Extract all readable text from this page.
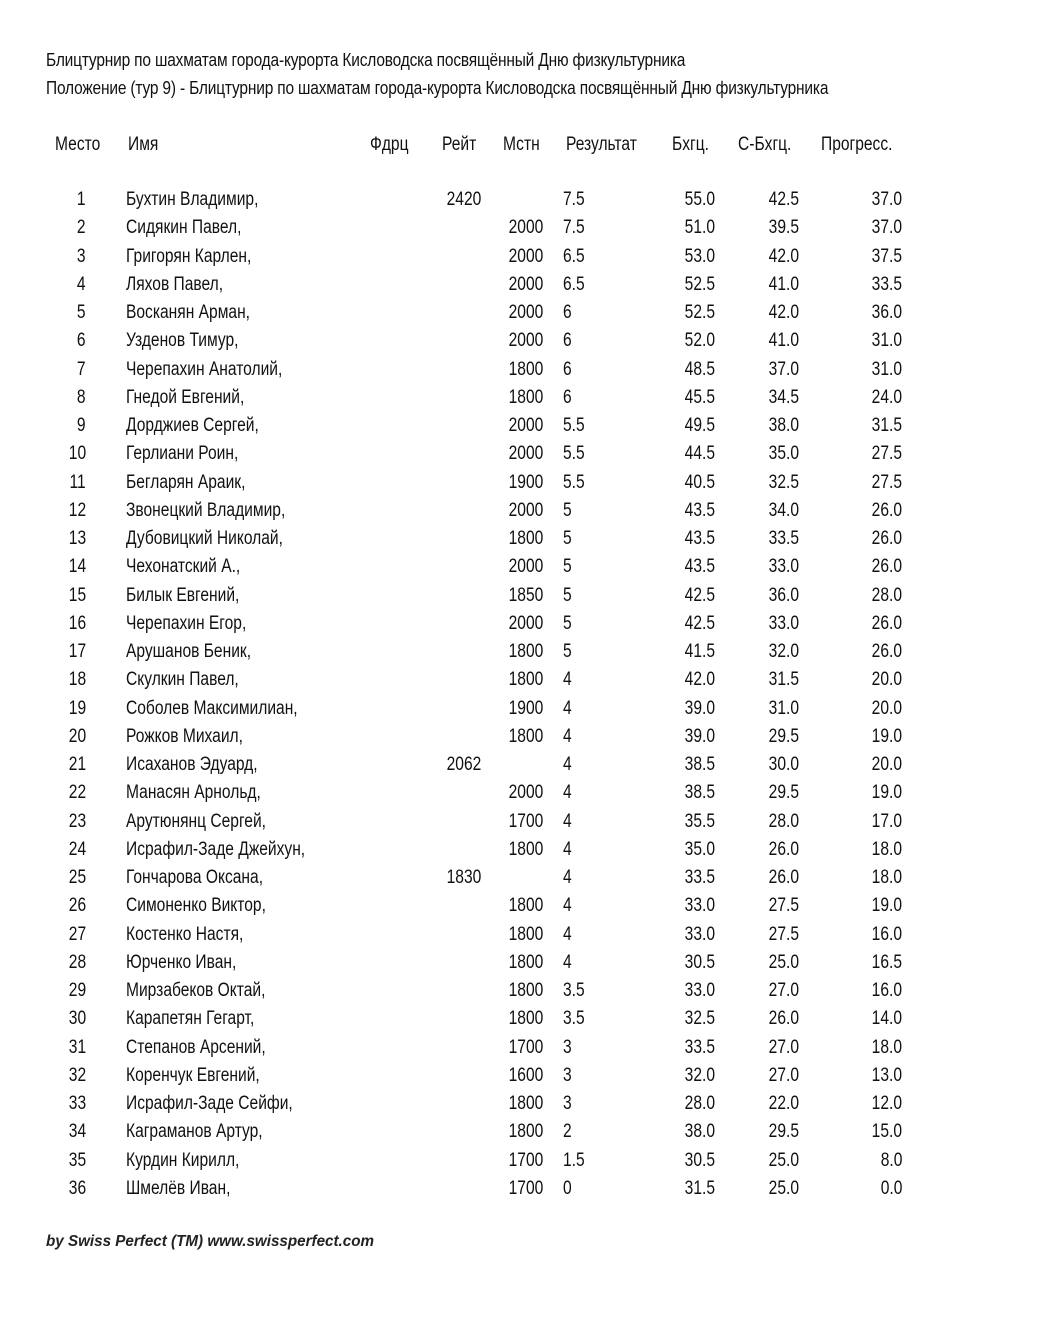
Блицтурнир по шахматам города-курорта Кисловодска посвящённый Дню физкультурника
Положение (тур 9) - Блицтурнир по шахматам города-курорта Кисловодска посвящённый Дню физкультурника
Место Имя	Фдрц Рейт Мстн Результат Бхгц. С-Бхгц. Прогресс.
1 Бухтин Владимир,	2420	7.5	55.0	42.5	37.0
2 Сидякин Павел,	2000 7.5	51.0	39.5	37.0
3 Григорян Карлен,	2000 6.5	53.0	42.0	37.5
4 Ляхов Павел,	2000 6.5	52.5	41.0	33.5
5 Восканян Арман,	2000 6	52.5	42.0	36.0
6 Узденов Тимур,	2000 6	52.0	41.0	31.0
7 Черепахин Анатолий,	1800 6	48.5	37.0	31.0
8 Гнедой Евгений,	1800 6	45.5	34.5	24.0
9 Дорджиев Сергей,	2000 5.5	49.5	38.0	31.5
10 Герлиани Роин,	2000 5.5	44.5	35.0	27.5
11 Бегларян Араик,	1900 5.5	40.5	32.5	27.5
12 Звонецкий Владимир,	2000 5	43.5	34.0	26.0
13 Дубовицкий Николай,	1800 5	43.5	33.5	26.0
14 Чехонатский А.,	2000 5	43.5	33.0	26.0
15 Билык Евгений,	1850 5	42.5	36.0	28.0
16 Черепахин Егор,	2000 5	42.5	33.0	26.0
17 Арушанов Беник,	1800 5	41.5	32.0	26.0
18 Скулкин Павел,	1800 4	42.0	31.5	20.0
19 Соболев Максимилиан,	1900 4	39.0	31.0	20.0
20 Рожков Михаил,	1800 4	39.0	29.5	19.0
21 Исаханов Эдуард,	2062	4	38.5	30.0	20.0
22 Манасян Арнольд,	2000 4	38.5	29.5	19.0
23 Арутюнянц Сергей,	1700 4	35.5	28.0	17.0
24 Исрафил-Заде Джейхун,	1800 4	35.0	26.0	18.0
25 Гончарова Оксана,	1830	4	33.5	26.0	18.0
26 Симоненко Виктор,	1800 4	33.0	27.5	19.0
27 Костенко Настя,	1800 4	33.0	27.5	16.0
28 Юрченко Иван,	1800 4	30.5	25.0	16.5
29 Мирзабеков Октай,	1800 3.5	33.0	27.0	16.0
30 Карапетян Гегарт,	1800 3.5	32.5	26.0	14.0
31 Степанов Арсений,	1700 3	33.5	27.0	18.0
32 Коренчук Евгений,	1600 3	32.0	27.0	13.0
33 Исрафил-Заде Сейфи,	1800 3	28.0	22.0	12.0
34 Каграманов Артур,	1800 2	38.0	29.5	15.0
35 Курдин Кирилл,	1700 1.5	30.5	25.0	8.0
36 Шмелёв Иван,	1700 0	31.5	25.0	0.0
by Swiss Perfect (TM) www.swissperfect.com
